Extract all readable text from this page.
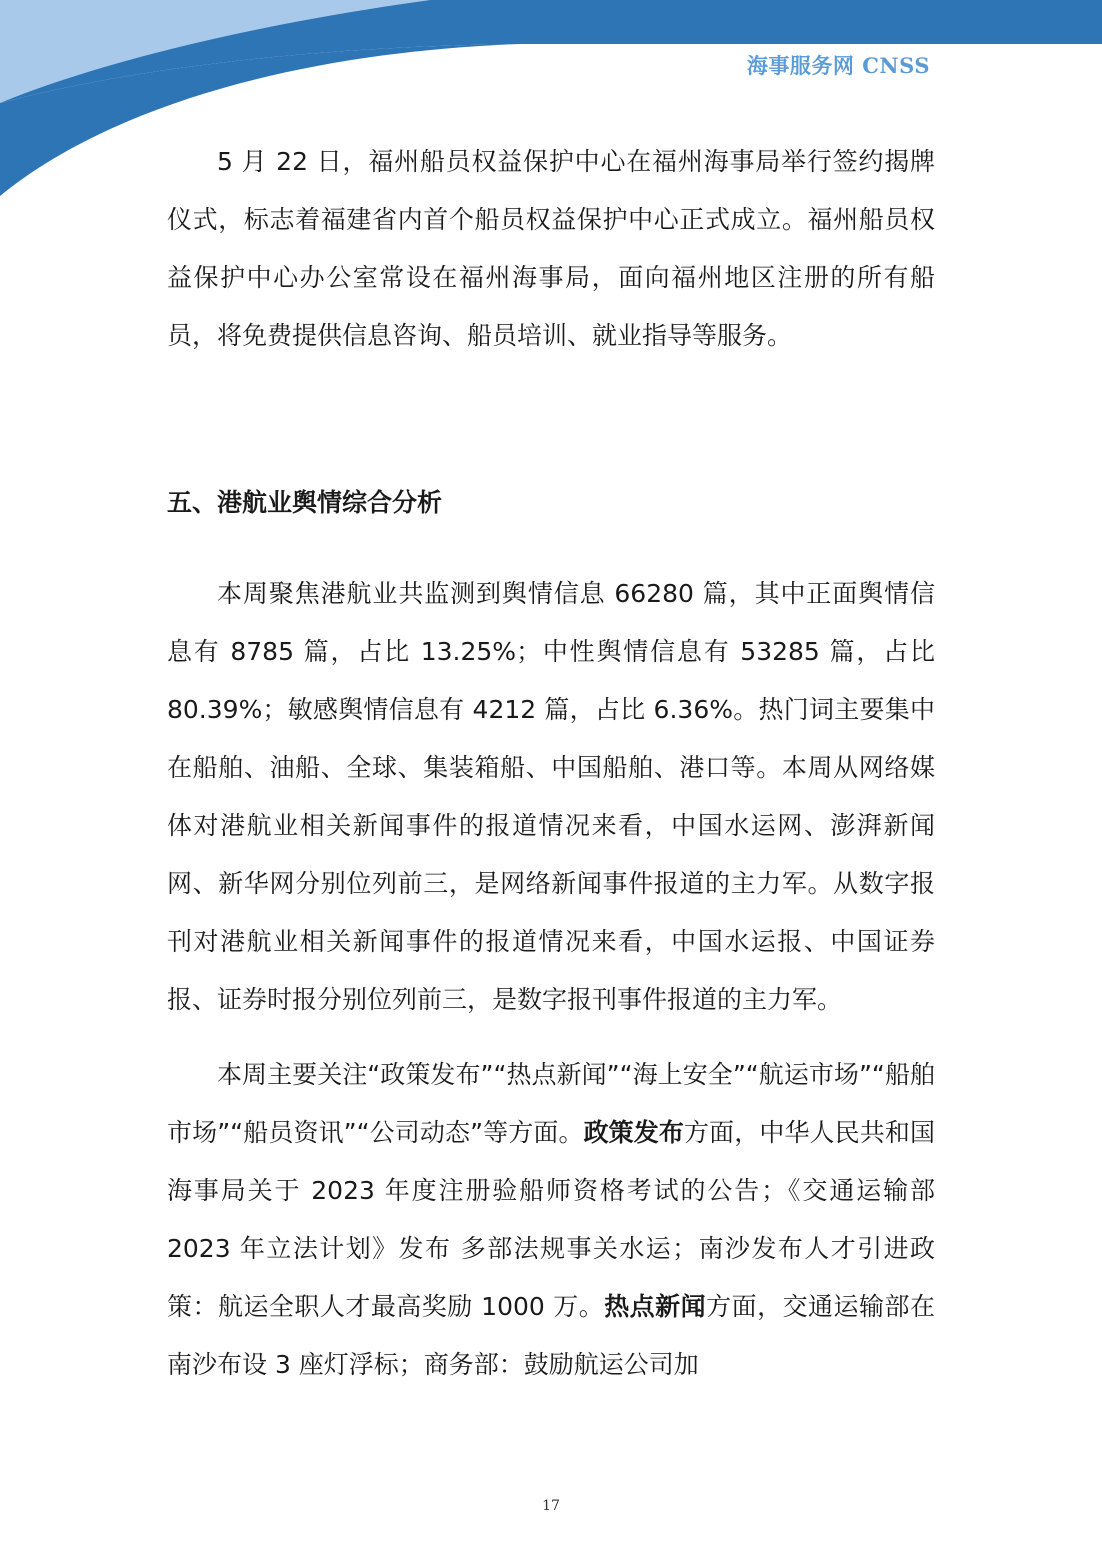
海事服务网 CNSS

5 月 22 日，福州船员权益保护中心在福州海事局举行签约揭牌仪式，标志着福建省内首个船员权益保护中心正式成立。福州船员权益保护中心办公室常设在福州海事局，面向福州地区注册的所有船员，将免费提供信息咨询、船员培训、就业指导等服务。

五、港航业舆情综合分析

本周聚焦港航业共监测到舆情信息 66280 篇，其中正面舆情信息有 8785 篇，占比 13.25%；中性舆情信息有 53285 篇，占比 80.39%；敏感舆情信息有 4212 篇，占比 6.36%。热门词主要集中在船舶、油船、全球、集装箱船、中国船舶、港口等。本周从网络媒体对港航业相关新闻事件的报道情况来看，中国水运网、澎湃新闻网、新华网分别位列前三，是网络新闻事件报道的主力军。从数字报刊对港航业相关新闻事件的报道情况来看，中国水运报、中国证券报、证券时报分别位列前三，是数字报刊事件报道的主力军。

本周主要关注“政策发布”“热点新闻”“海上安全”“航运市场”“船舶市场”“船员资讯”“公司动态”等方面。政策发布方面，中华人民共和国海事局关于 2023 年度注册验船师资格考试的公告；《交通运输部 2023 年立法计划》发布 多部法规事关水运；南沙发布人才引进政策：航运全职人才最高奖励 1000 万。热点新闻方面，交通运输部在南沙布设 3 座灯浮标；商务部：鼓励航运公司加

17
